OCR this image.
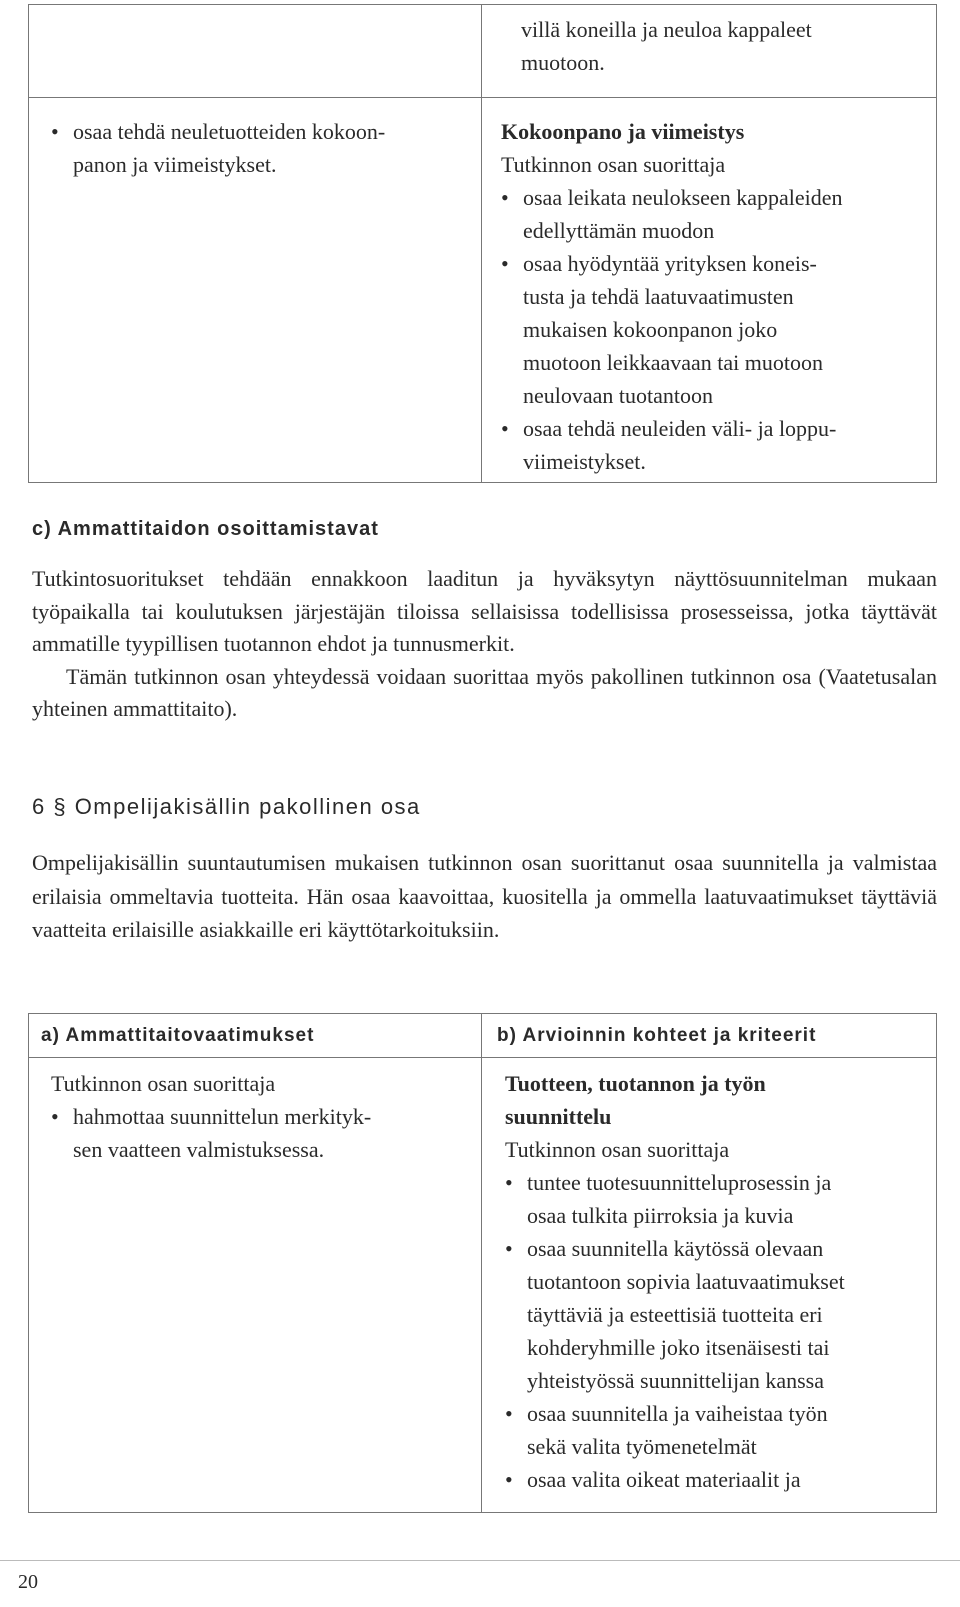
villä koneilla ja neuloa kappaleet
muotoon.
• osaa tehdä neuletuotteiden kokoon-
panon ja viimeistykset.
Kokoonpano ja viimeistys
Tutkinnon osan suorittaja
• osaa leikata neulokseen kappaleiden
edellyttämän muodon
• osaa hyödyntää yrityksen koneis-
tusta ja tehdä laatuvaatimusten
mukaisen kokoonpanon joko
muotoon leikkaavaan tai muotoon
neulovaan tuotantoon
• osaa tehdä neuleiden väli- ja loppu-
viimeistykset.
c) Ammattitaidon osoittamistavat

Tutkintosuoritukset tehdään ennakkoon laaditun ja hyväksytyn näyttösuunnitelman mukaan työpaikalla tai koulutuksen järjestäjän tiloissa sellaisissa todellisissa prosesseissa, jotka täyttävät ammatille tyypillisen tuotannon ehdot ja tunnusmerkit.

Tämän tutkinnon osan yhteydessä voidaan suorittaa myös pakollinen tutkinnon osa (Vaatetusalan yhteinen ammattitaito).

6 § Ompelijakisällin pakollinen osa

Ompelijakisällin suuntautumisen mukaisen tutkinnon osan suorittanut osaa suunnitella ja valmistaa erilaisia ommeltavia tuotteita. Hän osaa kaavoittaa, kuositella ja ommella laatuvaatimukset täyttäviä vaatteita erilaisille asiakkaille eri käyttötarkoituksiin.

a) Ammattitaitovaatimukset	b) Arvioinnin kohteet ja kriteerit
Tutkinnon osan suorittaja
• hahmottaa suunnittelun merkityk-
sen vaatteen valmistuksessa.
Tuotteen, tuotannon ja työn
suunnittelu
Tutkinnon osan suorittaja
• tuntee tuotesuunnitteluprosessin ja
osaa tulkita piirroksia ja kuvia
• osaa suunnitella käytössä olevaan
tuotantoon sopivia laatuvaatimukset
täyttäviä ja esteettisiä tuotteita eri
kohderyhmille joko itsenäisesti tai
yhteistyössä suunnittelijan kanssa
• osaa suunnitella ja vaiheistaa työn
sekä valita työmenetelmät
• osaa valita oikeat materiaalit ja
20
